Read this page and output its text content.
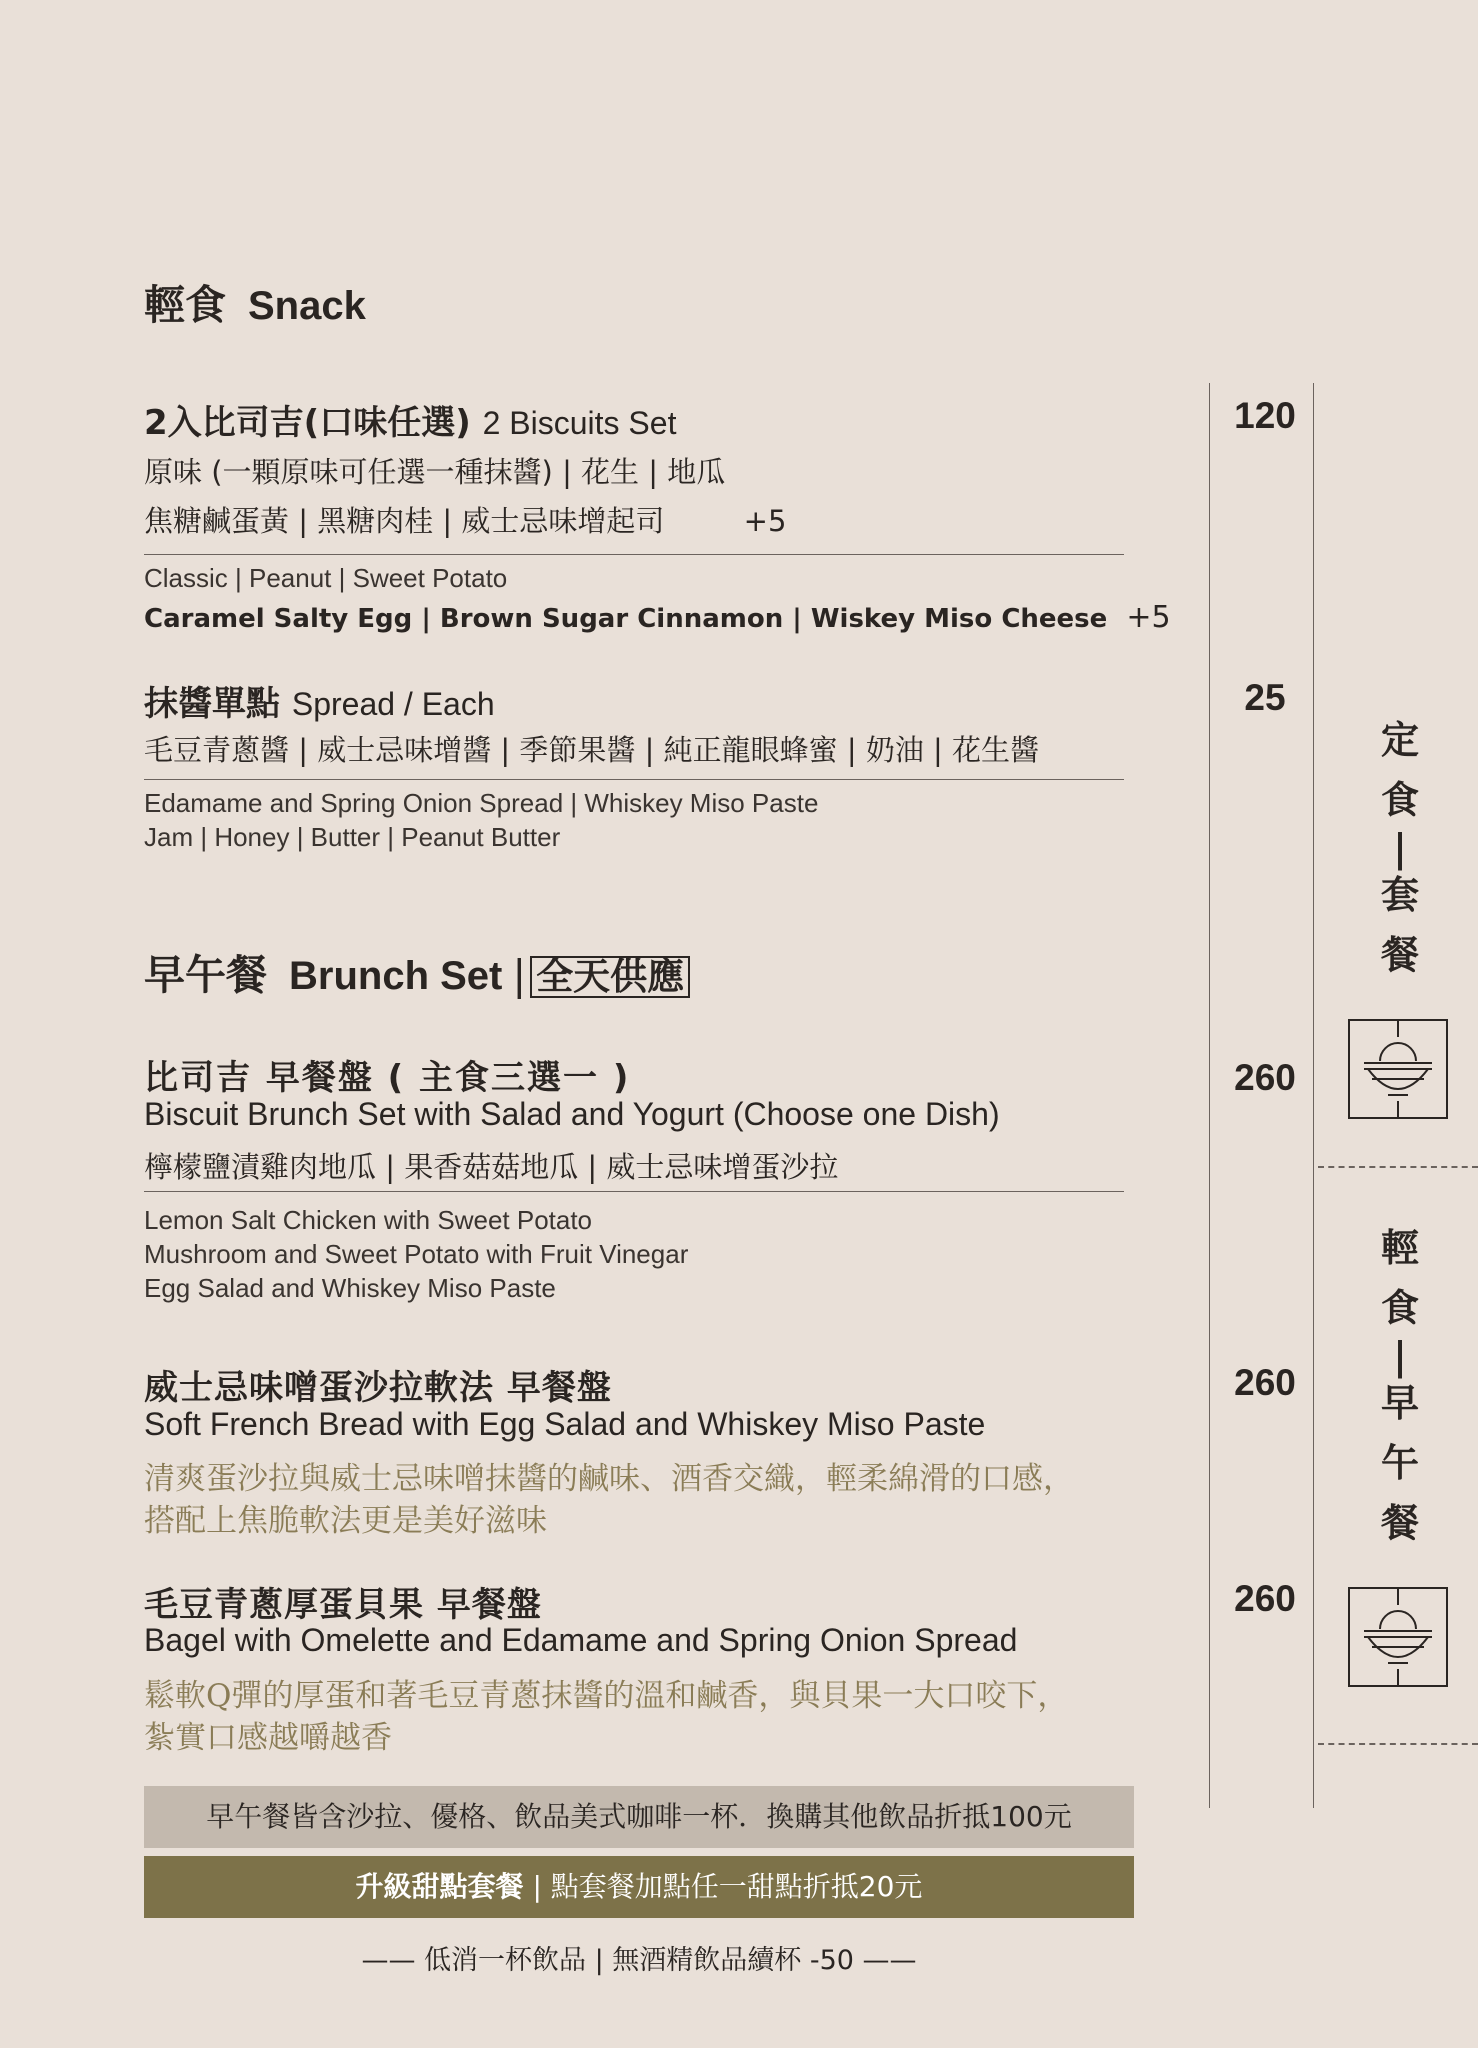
輕食 Snack
2入比司吉(口味任選) 2 Biscuits Set	120
原味 (一顆原味可任選一種抹醬) | 花生 | 地瓜
焦糖鹹蛋黃 | 黑糖肉桂 | 威士忌味增起司	+5
Classic | Peanut | Sweet Potato
Caramel Salty Egg | Brown Sugar Cinnamon | Wiskey Miso Cheese +5
抹醬單點 Spread / Each	25
毛豆青蔥醬 | 威士忌味增醬 | 季節果醬 | 純正龍眼蜂蜜 | 奶油 | 花生醬
Edamame and Spring Onion Spread | Whiskey Miso Paste
Jam | Honey | Butter | Peanut Butter
早午餐 Brunch Set | 全天供應
比司吉 早餐盤 ( 主食三選一 )	260
Biscuit Brunch Set with Salad and Yogurt (Choose one Dish)
檸檬鹽漬雞肉地瓜 | 果香菇菇地瓜 | 威士忌味增蛋沙拉
Lemon Salt Chicken with Sweet Potato
Mushroom and Sweet Potato with Fruit Vinegar
Egg Salad and Whiskey Miso Paste
威士忌味噌蛋沙拉軟法 早餐盤	260
Soft French Bread with Egg Salad and Whiskey Miso Paste
清爽蛋沙拉與威士忌味噌抹醬的鹹味、酒香交織，輕柔綿滑的口感，
搭配上焦脆軟法更是美好滋味
毛豆青蔥厚蛋貝果 早餐盤	260
Bagel with Omelette and Edamame and Spring Onion Spread
鬆軟Q彈的厚蛋和著毛豆青蔥抹醬的溫和鹹香，與貝果一大口咬下，
紮實口感越嚼越香
早午餐皆含沙拉、優格、飲品美式咖啡一杯．換購其他飲品折抵100元
升級甜點套餐 | 點套餐加點任一甜點折抵20元
—— 低消一杯飲品 | 無酒精飲品續杯 -50 ——
定
食
|
套
餐
輕
食
|
早
午
餐
